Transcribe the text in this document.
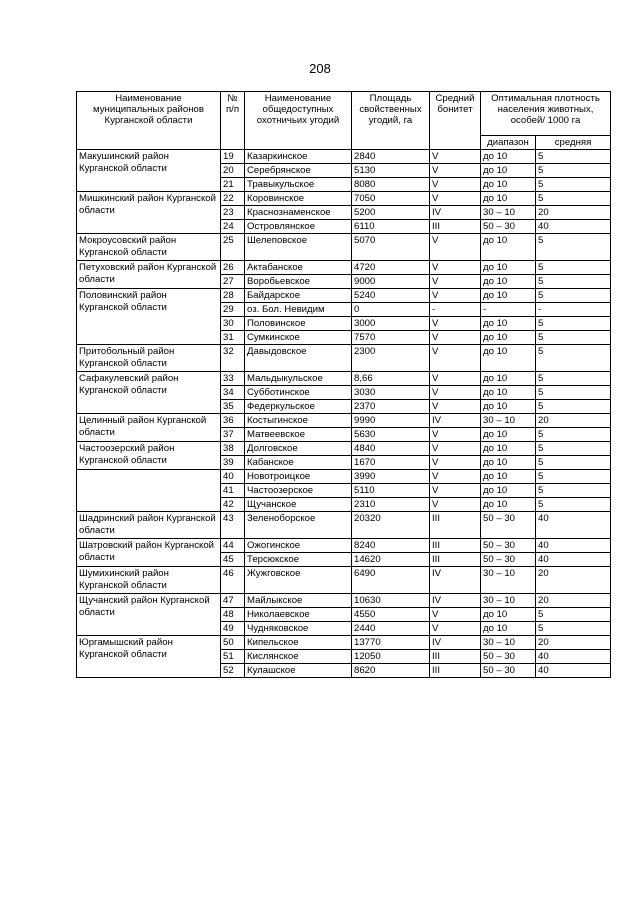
208
Наименование муниципальных районов Курганской области	№ п/п	Наименование общедоступных охотничьих угодий	Площадь свойственных угодий, га	Средний бонитет	Оптимальная плотность населения животных, особей/ 1000 га	
					диапазон	средняя
Макушинский район Курганской области	19	Казаркинское	2840	V	до 10	5
	20	Серебрянское	5130	V	до 10	5
	21	Травыкульское	8080	V	до 10	5
Мишкинский район Курганской области	22	Коровинское	7050	V	до 10	5
	23	Краснознаменское	5200	IV	30 – 10	20
	24	Островлянское	6110	III	50 – 30	40
Мокроусовский район Курганской области	25	Шелеповское	5070	V	до 10	5
Петуховский район Курганской области	26	Актабанское	4720	V	до 10	5
	27	Воробьевское	9000	V	до 10	5
Половинский район Курганской области	28	Байдарское	5240	V	до 10	5
	29	оз. Бол. Невидим	0	-	-	-
	30	Половинское	3000	V	до 10	5
	31	Сумкинское	7570	V	до 10	5
Притобольный район Курганской области	32	Давыдовское	2300	V	до 10	5
Сафакулевский район Курганской области	33	Мальдыкульское	8,66	V	до 10	5
	34	Субботинское	3030	V	до 10	5
	35	Федеркульское	2370	V	до 10	5
Целинный район Курганской области	36	Костыгинское	9990	IV	30 – 10	20
	37	Матвеевское	5630	V	до 10	5
Частоозерский район Курганской области	38	Долговское	4840	V	до 10	5
	39	Кабанское	1670	V	до 10	5
	40	Новотроицкое	3990	V	до 10	5
	41	Частоозерское	5110	V	до 10	5
	42	Щучанское	2310	V	до 10	5
Шадринский район Курганской области	43	Зеленоборское	20320	III	50 – 30	40
Шатровский район Курганской области	44	Ожогинское	8240	III	50 – 30	40
	45	Терсюкское	14620	III	50 – 30	40
Шумихинский район Курганской области	46	Жужговское	6490	IV	30 – 10	20
Щучанский район Курганской области	47	Майлыкское	10630	IV	30 – 10	20
	48	Николаевское	4550	V	до 10	5
	49	Чудняковское	2440	V	до 10	5
Юргамышский район Курганской области	50	Кипельское	13770	IV	30 – 10	20
	51	Кислянское	12050	III	50 – 30	40
	52	Кулашское	8620	III	50 – 30	40
